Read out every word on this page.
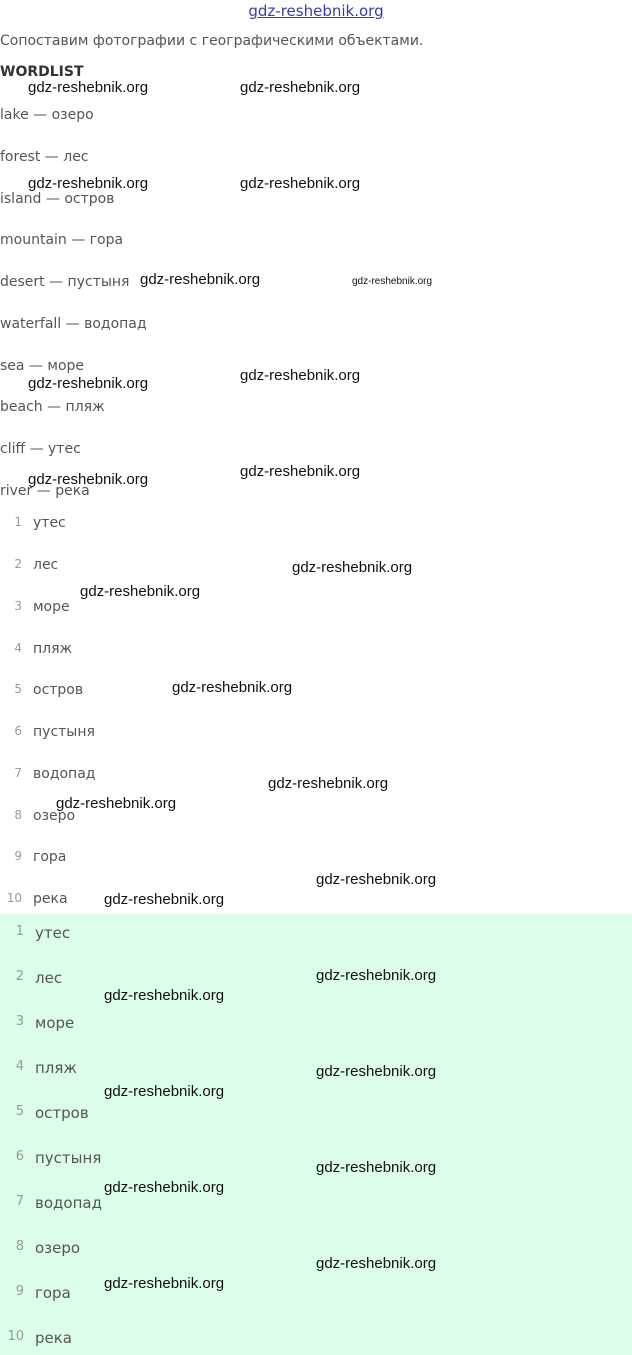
gdz-reshebnik.org
Сопоставим фотографии с географическими объектами.
WORDLIST
lake — озеро
forest — лес
island — остров
mountain — гора
desert — пустыня
waterfall — водопад
sea — море
beach — пляж
cliff — утес
river — река
1 утес
2 лес
3 море
4 пляж
5 остров
6 пустыня
7 водопад
8 озеро
9 гора
10 река
1 утес
2 лес
3 море
4 пляж
5 остров
6 пустыня
7 водопад
8 озеро
9 гора
10 река
gdz-reshebnik.org	gdz-reshebnik.org
gdz-reshebnik.org	gdz-reshebnik.org
gdz-reshebnik.org	gdz-reshebnik.org
gdz-reshebnik.org	gdz-reshebnik.org
gdz-reshebnik.org	gdz-reshebnik.org
gdz-reshebnik.org
gdz-reshebnik.org
gdz-reshebnik.org
gdz-reshebnik.org
gdz-reshebnik.org
gdz-reshebnik.org
gdz-reshebnik.org
gdz-reshebnik.org
gdz-reshebnik.org
gdz-reshebnik.org
gdz-reshebnik.org
gdz-reshebnik.org
gdz-reshebnik.org
gdz-reshebnik.org
gdz-reshebnik.org
